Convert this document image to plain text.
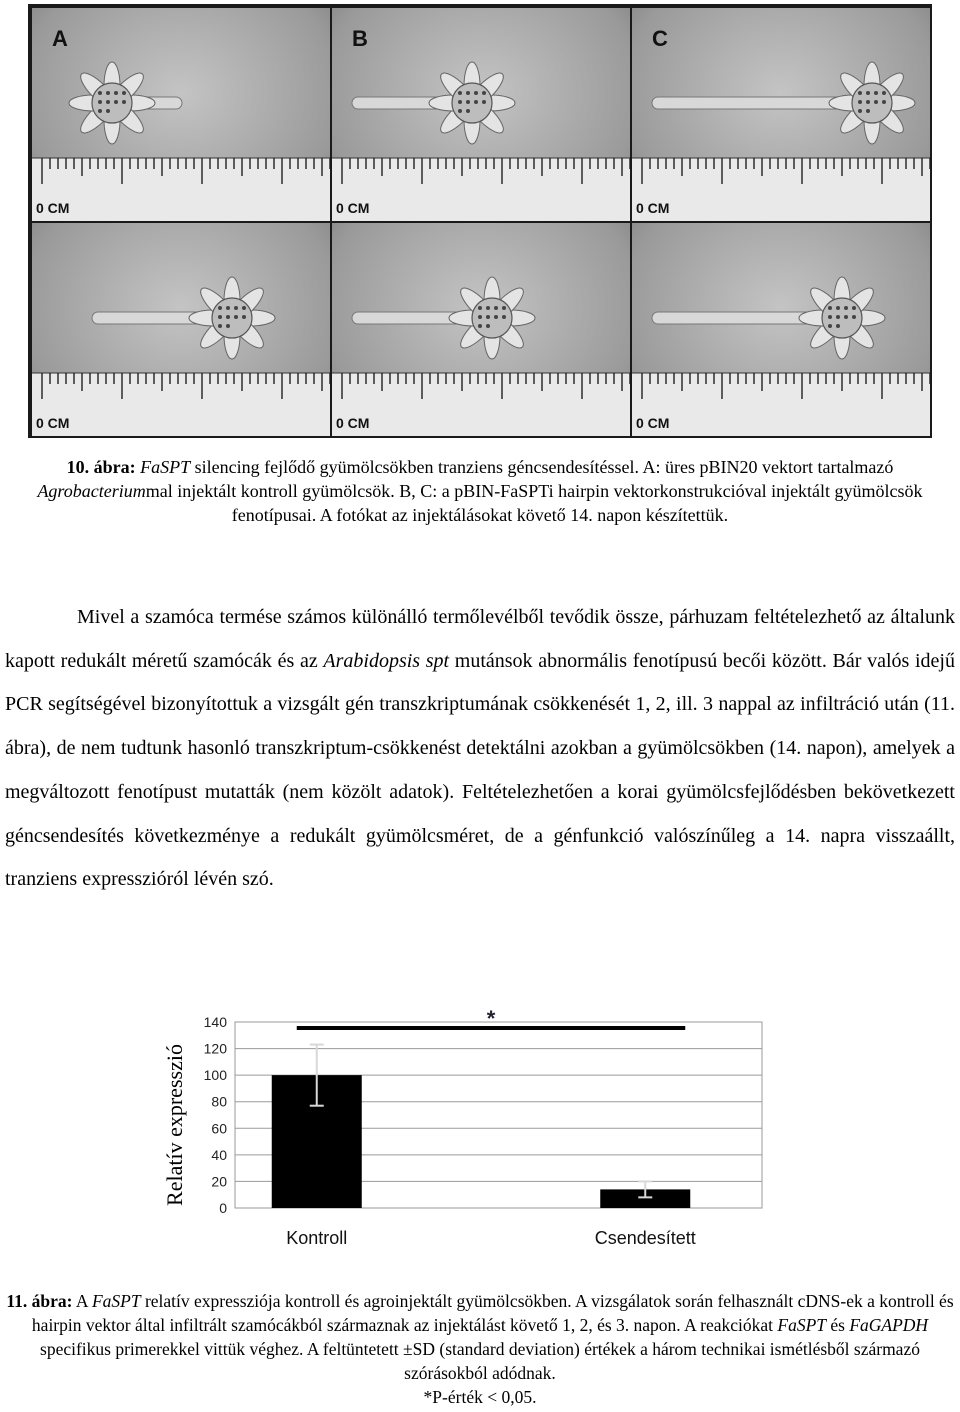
0 CM
A
0 CM
B
0 CM
C
0 CM	0 CM	0 CM
10. ábra: FaSPT silencing fejlődő gyümölcsökben tranziens géncsendesítéssel. A: üres pBIN20 vektort tartalmazó Agrobacteriummal injektált kontroll gyümölcsök. B, C: a pBIN-FaSPTi hairpin vektorkonstrukcióval injektált gyümölcsök fenotípusai. A fotókat az injektálásokat követő 14. napon készítettük.

Mivel a szamóca termése számos különálló termőlevélből tevődik össze, párhuzam feltételezhető az általunk kapott redukált méretű szamócák és az Arabidopsis spt mutánsok abnormális fenotípusú becői között. Bár valós idejű PCR segítségével bizonyítottuk a vizsgált gén transzkriptumának csökkenését 1, 2, ill. 3 nappal az infiltráció után (11. ábra), de nem tudtunk hasonló transzkriptum-csökkenést detektálni azokban a gyümölcsökben (14. napon), amelyek a megváltozott fenotípust mutatták (nem közölt adatok). Feltételezhetően a korai gyümölcsfejlődésben bekövetkezett géncsendesítés következménye a redukált gyümölcsméret, de a génfunkció valószínűleg a 14. napra visszaállt, tranziens expresszióról lévén szó.

0
20
40
60
80
100
120
140
Relatív expresszió
Kontroll	Csendesített
*
11. ábra: A FaSPT relatív expressziója kontroll és agroinjektált gyümölcsökben. A vizsgálatok során felhasznált cDNS-ek a kontroll és hairpin vektor által infiltrált szamócákból származnak az injektálást követő 1, 2, és 3. napon. A reakciókat FaSPT és FaGAPDH specifikus primerekkel vittük véghez. A feltüntetett ±SD (standard deviation) értékek a három technikai ismétlésből származó szórásokból adódnak.
*P-érték < 0,05.
